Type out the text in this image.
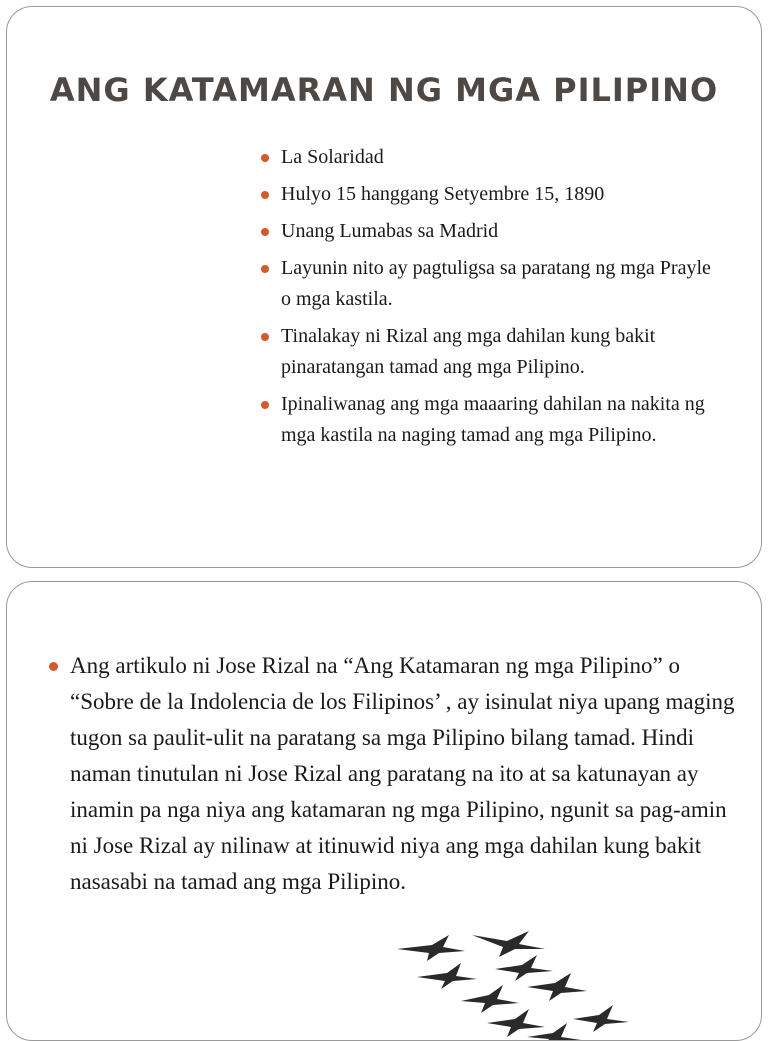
ANG KATAMARAN NG MGA PILIPINO
La Solaridad
Hulyo 15 hanggang Setyembre 15, 1890
Unang Lumabas sa Madrid
Layunin nito ay pagtuligsa sa paratang ng mga Prayle o mga kastila.
Tinalakay ni Rizal ang mga dahilan kung bakit pinaratangan tamad ang mga Pilipino.
Ipinaliwanag ang mga maaaring dahilan na nakita ng mga kastila na naging tamad ang mga Pilipino.
Ang artikulo ni Jose Rizal na “Ang Katamaran ng mga Pilipino” o “Sobre de la Indolencia de los Filipinos’ , ay isinulat niya upang maging tugon sa paulit-ulit na paratang sa mga Pilipino bilang tamad. Hindi naman tinutulan ni Jose Rizal ang paratang na ito at sa katunayan ay inamin pa nga niya ang katamaran ng mga Pilipino, ngunit sa pag-amin ni Jose Rizal ay nilinaw at itinuwid niya ang mga dahilan kung bakit nasasabi na tamad ang mga Pilipino.
